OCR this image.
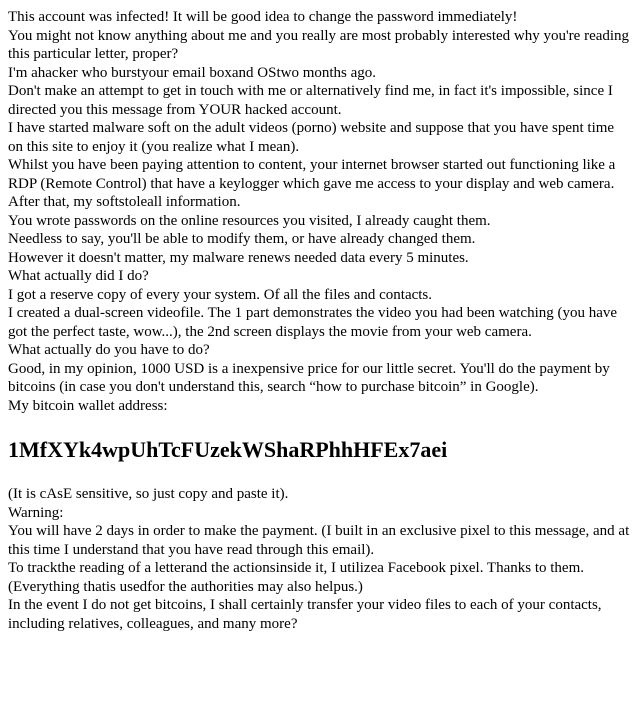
This account was infected! It will be good idea to change the password immediately!

You might not know anything about me and you really are most probably interested why you're reading this particular letter, proper?

I'm ahacker who burstyour email boxand OStwo months ago.

Don't make an attempt to get in touch with me or alternatively find me, in fact it's impossible, since I directed you this message from YOUR hacked account.

I have started malware soft on the adult videos (porno) website and suppose that you have spent time on this site to enjoy it (you realize what I mean).

Whilst you have been paying attention to content, your internet browser started out functioning like a RDP (Remote Control) that have a keylogger which gave me access to your display and web camera.

After that, my softstoleall information.

You wrote passwords on the online resources you visited, I already caught them.

Needless to say, you'll be able to modify them, or have already changed them.

However it doesn't matter, my malware renews needed data every 5 minutes.

What actually did I do?

I got a reserve copy of every your system. Of all the files and contacts.

I created a dual-screen videofile. The 1 part demonstrates the video you had been watching (you have got the perfect taste, wow...), the 2nd screen displays the movie from your web camera.

What actually do you have to do?

Good, in my opinion, 1000 USD is a inexpensive price for our little secret. You'll do the payment by bitcoins (in case you don't understand this, search “how to purchase bitcoin” in Google).

My bitcoin wallet address:

1MfXYk4wpUhTcFUzekWShaRPhhHFEx7aei

(It is cAsE sensitive, so just copy and paste it).

Warning:

You will have 2 days in order to make the payment. (I built in an exclusive pixel to this message, and at this time I understand that you have read through this email).

To trackthe reading of a letterand the actionsinside it, I utilizea Facebook pixel. Thanks to them. (Everything thatis usedfor the authorities may also helpus.)

In the event I do not get bitcoins, I shall certainly transfer your video files to each of your contacts, including relatives, colleagues, and many more?
